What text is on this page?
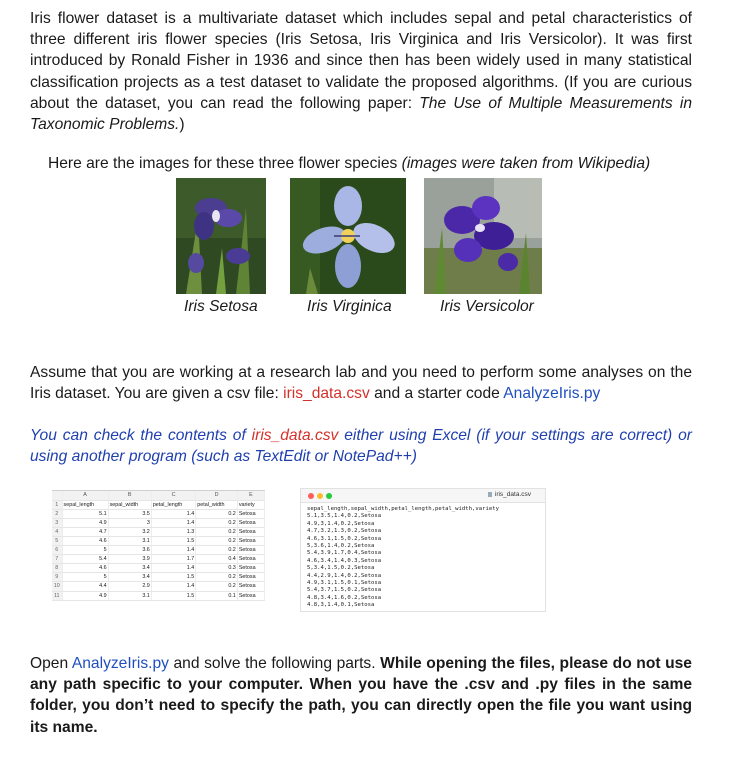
Iris flower dataset is a multivariate dataset which includes sepal and petal characteristics of three different iris flower species (Iris Setosa, Iris Virginica and Iris Versicolor). It was first introduced by Ronald Fisher in 1936 and since then has been widely used in many statistical classification projects as a test dataset to validate the proposed algorithms. (If you are curious about the dataset, you can read the following paper: The Use of Multiple Measurements in Taxonomic Problems.)

Here are the images for these three flower species (images were taken from Wikipedia)

Iris Setosa	Iris Virginica	Iris Versicolor

Assume that you are working at a research lab and you need to perform some analyses on the Iris dataset. You are given a csv file: iris_data.csv and a starter code AnalyzeIris.py

You can check the contents of iris_data.csv either using Excel (if your settings are correct) or using another program (such as TextEdit or NotePad++)

	A	B	C	D	E
1	sepal_length	sepal_width	petal_length	petal_width	variety
2	5.1	3.5	1.4	0.2	Setosa
3	4.9	3	1.4	0.2	Setosa
4	4.7	3.2	1.3	0.2	Setosa
5	4.6	3.1	1.5	0.2	Setosa
6	5	3.6	1.4	0.2	Setosa
7	5.4	3.9	1.7	0.4	Setosa
8	4.6	3.4	1.4	0.3	Setosa
9	5	3.4	1.5	0.2	Setosa
10	4.4	2.9	1.4	0.2	Setosa
11	4.9	3.1	1.5	0.1	Setosa
iris_data.csv
sepal_length,sepal_width,petal_length,petal_width,variety
5.1,3.5,1.4,0.2,Setosa
4.9,3,1.4,0.2,Setosa
4.7,3.2,1.3,0.2,Setosa
4.6,3.1,1.5,0.2,Setosa
5,3.6,1.4,0.2,Setosa
5.4,3.9,1.7,0.4,Setosa
4.6,3.4,1.4,0.3,Setosa
5,3.4,1.5,0.2,Setosa
4.4,2.9,1.4,0.2,Setosa
4.9,3.1,1.5,0.1,Setosa
5.4,3.7,1.5,0.2,Setosa
4.8,3.4,1.6,0.2,Setosa
4.8,3,1.4,0.1,Setosa

Open AnalyzeIris.py and solve the following parts. While opening the files, please do not use any path specific to your computer. When you have the .csv and .py files in the same folder, you don’t need to specify the path, you can directly open the file you want using its name.
